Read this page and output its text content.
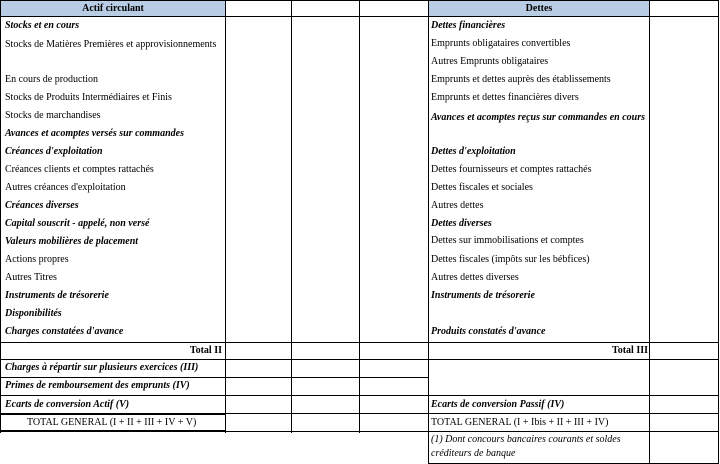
Actif circulant	Dettes
Stocks et en cours
Stocks de Matières Premières et approvisionnements
En cours de production
Stocks de Produits Intermédiaires et Finis
Stocks de marchandises
Avances et acomptes versés sur commandes
Créances d'exploitation
Créances clients et comptes rattachés
Autres créances d'exploitation
Créances diverses
Capital souscrit - appelé, non versé
Valeurs mobilières de placement
Actions propres
Autres Titres
Instruments de trésorerie
Disponibilités
Charges constatées d'avance
Dettes financières
Emprunts obligataires convertibles
Autres Emprunts obligataires
Emprunts et dettes auprès des établissements
Emprunts et dettes financières divers
Avances et acomptes reçus sur commandes en cours
Dettes d'exploitation
Dettes fournisseurs et comptes rattachés
Dettes fiscales et sociales
Autres dettes
Dettes diverses
Dettes sur immobilisations et comptes
Dettes fiscales (impôts sur les bébfices)
Autres dettes diverses
Instruments de trésorerie
Produits constatés d'avance
Total II	Total III
Charges à répartir sur plusieurs exercices (III)
Primes de remboursement des emprunts (IV)
Ecarts de conversion Actif (V)
TOTAL GENERAL (I + II + III + IV + V)
Ecarts de conversion Passif (IV)
TOTAL GENERAL (I + Ibis + II + III + IV)
(1) Dont concours bancaires courants et soldes créditeurs de banque
